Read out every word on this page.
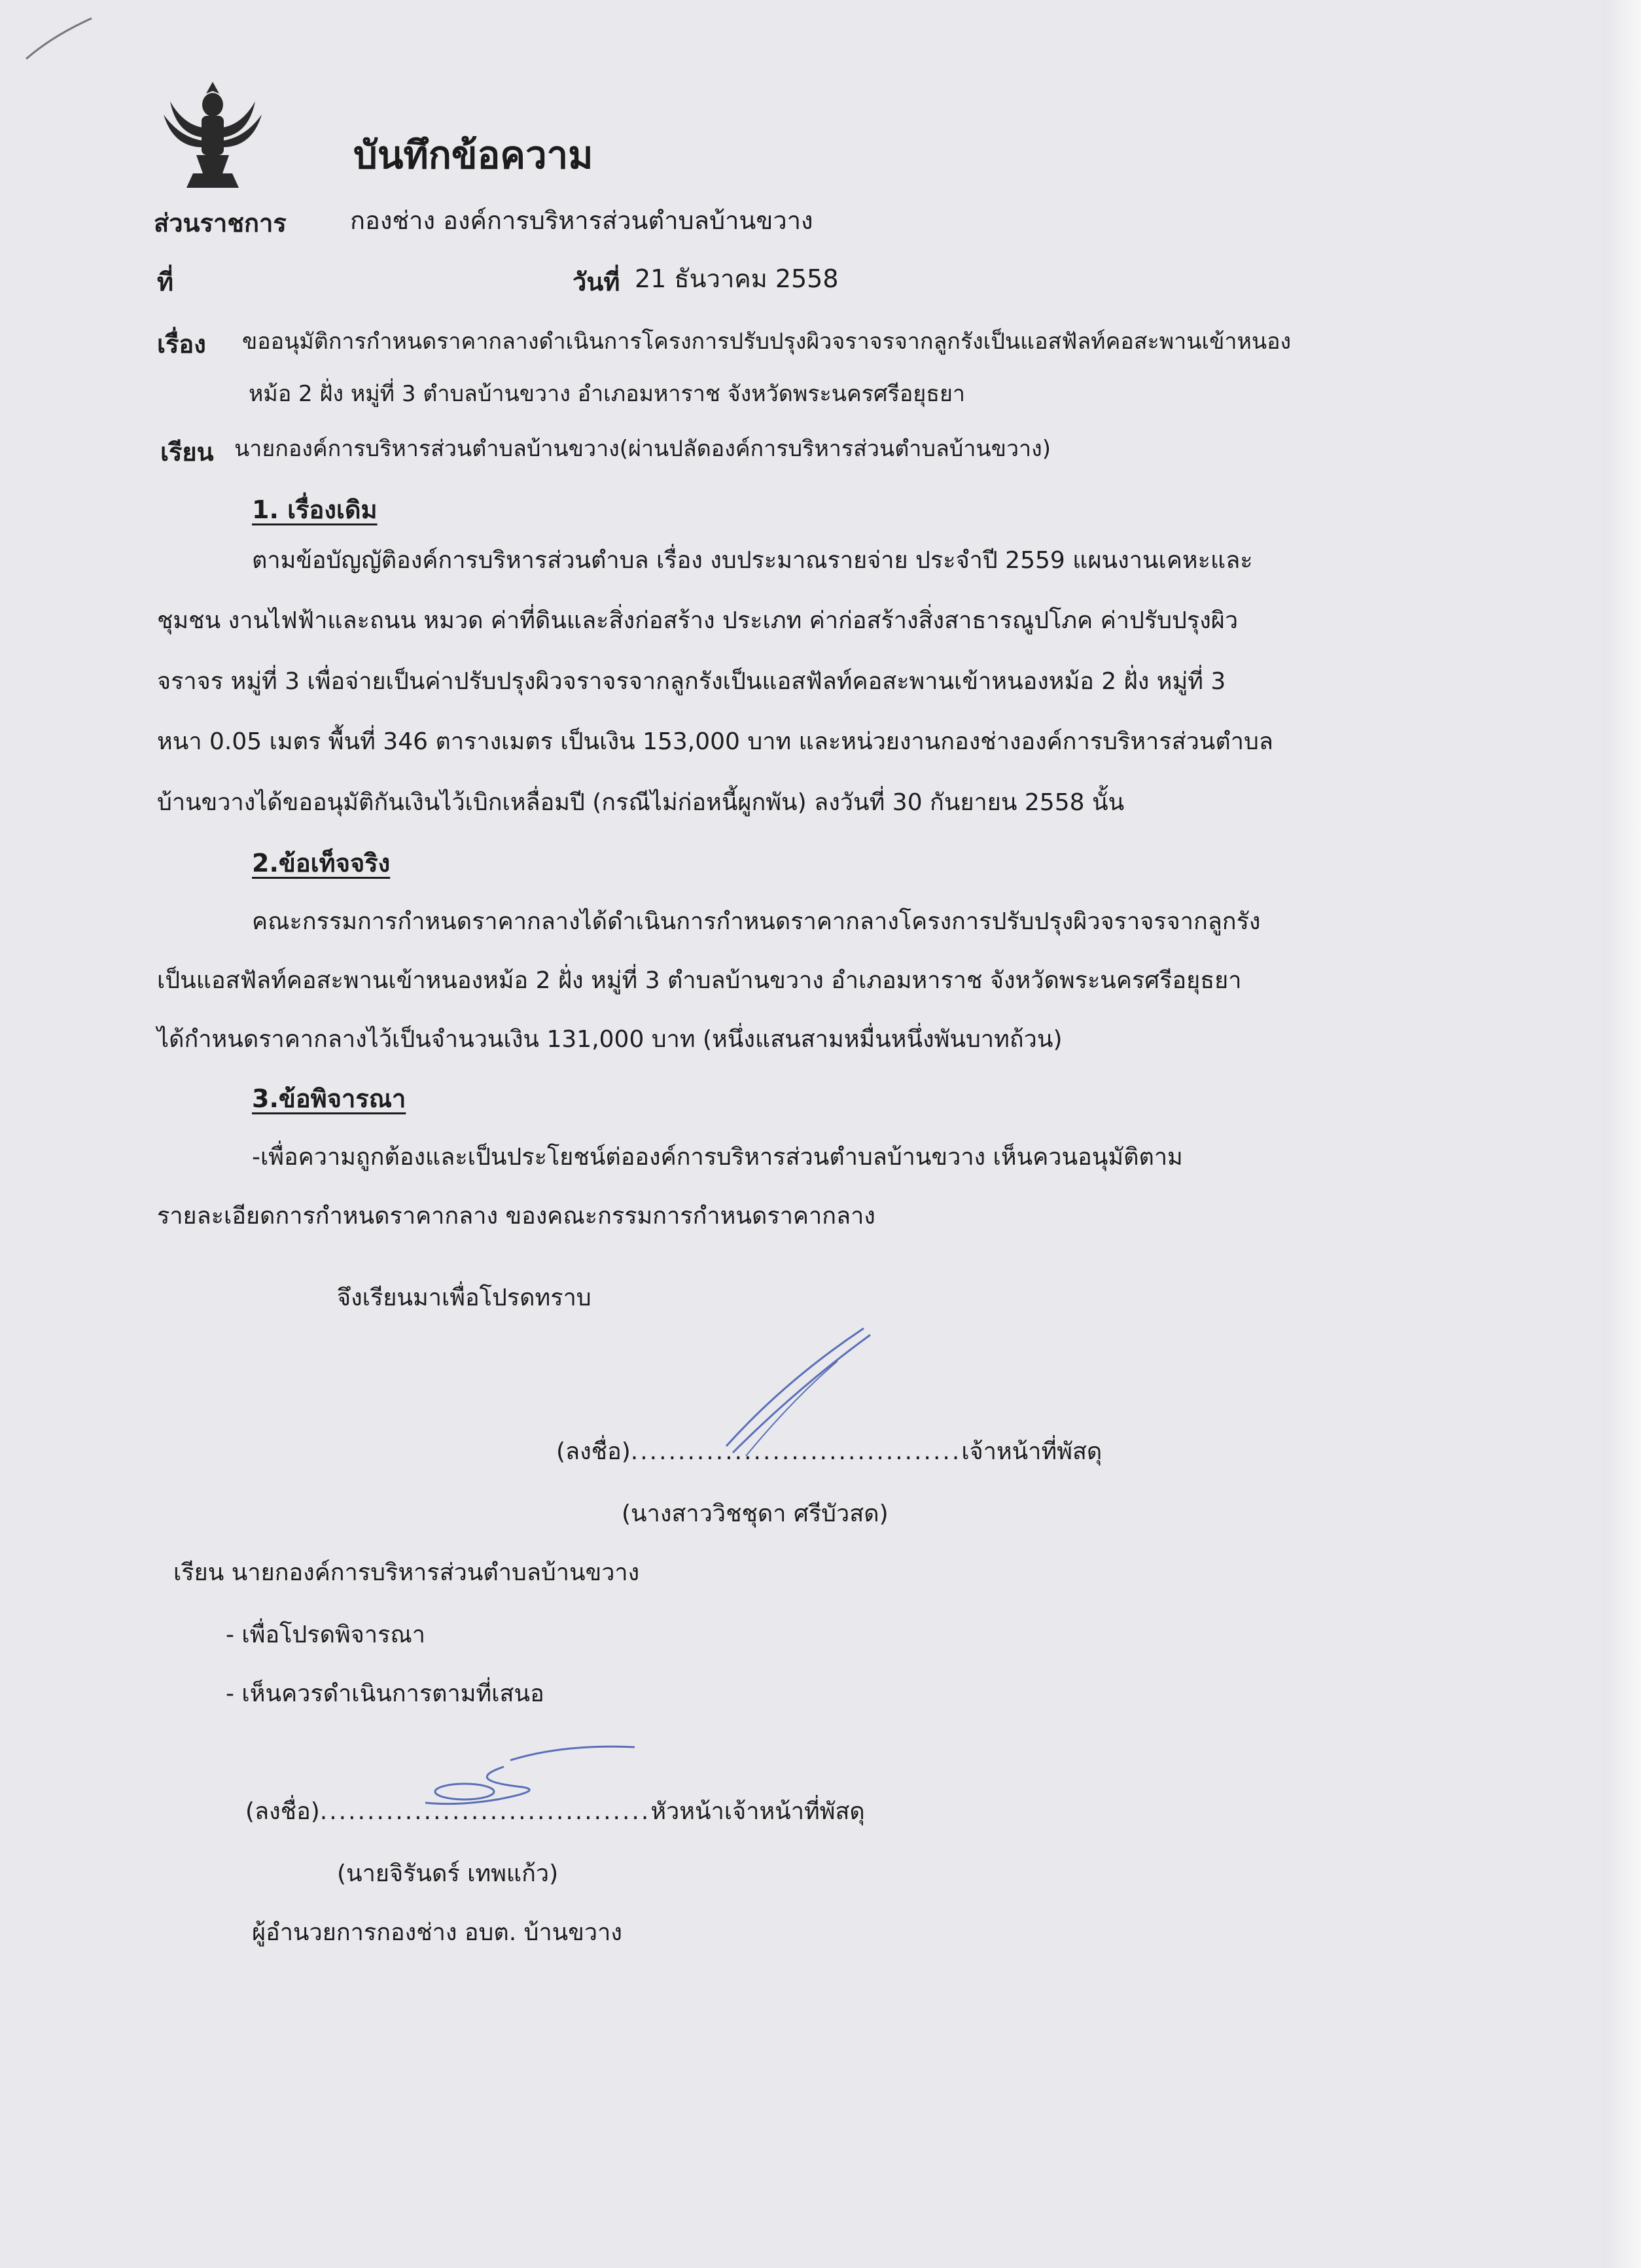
บันทึกข้อความ
ส่วนราชการ	กองช่าง องค์การบริหารส่วนตำบลบ้านขวาง
ที่	วันที่ 21 ธันวาคม 2558
เรื่อง ขออนุมัติการกำหนดราคากลางดำเนินการโครงการปรับปรุงผิวจราจรจากลูกรังเป็นแอสฟัลท์คอสะพานเข้าหนอง
หม้อ 2 ฝั่ง หมู่ที่ 3 ตำบลบ้านขวาง อำเภอมหาราช จังหวัดพระนครศรีอยุธยา
เรียน นายกองค์การบริหารส่วนตำบลบ้านขวาง(ผ่านปลัดองค์การบริหารส่วนตำบลบ้านขวาง)
1. เรื่องเดิม
ตามข้อบัญญัติองค์การบริหารส่วนตำบล เรื่อง งบประมาณรายจ่าย ประจำปี 2559 แผนงานเคหะและ
ชุมชน งานไฟฟ้าและถนน หมวด ค่าที่ดินและสิ่งก่อสร้าง ประเภท ค่าก่อสร้างสิ่งสาธารณูปโภค ค่าปรับปรุงผิว
จราจร หมู่ที่ 3 เพื่อจ่ายเป็นค่าปรับปรุงผิวจราจรจากลูกรังเป็นแอสฟัลท์คอสะพานเข้าหนองหม้อ 2 ฝั่ง หมู่ที่ 3
หนา 0.05 เมตร พื้นที่ 346 ตารางเมตร เป็นเงิน 153,000 บาท และหน่วยงานกองช่างองค์การบริหารส่วนตำบล
บ้านขวางได้ขออนุมัติกันเงินไว้เบิกเหลื่อมปี (กรณีไม่ก่อหนี้ผูกพัน) ลงวันที่ 30 กันยายน 2558 นั้น
2.ข้อเท็จจริง
คณะกรรมการกำหนดราคากลางได้ดำเนินการกำหนดราคากลางโครงการปรับปรุงผิวจราจรจากลูกรัง
เป็นแอสฟัลท์คอสะพานเข้าหนองหม้อ 2 ฝั่ง หมู่ที่ 3 ตำบลบ้านขวาง อำเภอมหาราช จังหวัดพระนครศรีอยุธยา
ได้กำหนดราคากลางไว้เป็นจำนวนเงิน 131,000 บาท (หนึ่งแสนสามหมื่นหนึ่งพันบาทถ้วน)
3.ข้อพิจารณา
-เพื่อความถูกต้องและเป็นประโยชน์ต่อองค์การบริหารส่วนตำบลบ้านขวาง เห็นควนอนุมัติตาม
รายละเอียดการกำหนดราคากลาง ของคณะกรรมการกำหนดราคากลาง
จึงเรียนมาเพื่อโปรดทราบ
(ลงชื่อ)...................................เจ้าหน้าที่พัสดุ
(นางสาววิชชุดา ศรีบัวสด)
เรียน นายกองค์การบริหารส่วนตำบลบ้านขวาง
- เพื่อโปรดพิจารณา
- เห็นควรดำเนินการตามที่เสนอ
(ลงชื่อ)...................................หัวหน้าเจ้าหน้าที่พัสดุ
(นายจิรันดร์ เทพแก้ว)
ผู้อำนวยการกองช่าง อบต. บ้านขวาง
